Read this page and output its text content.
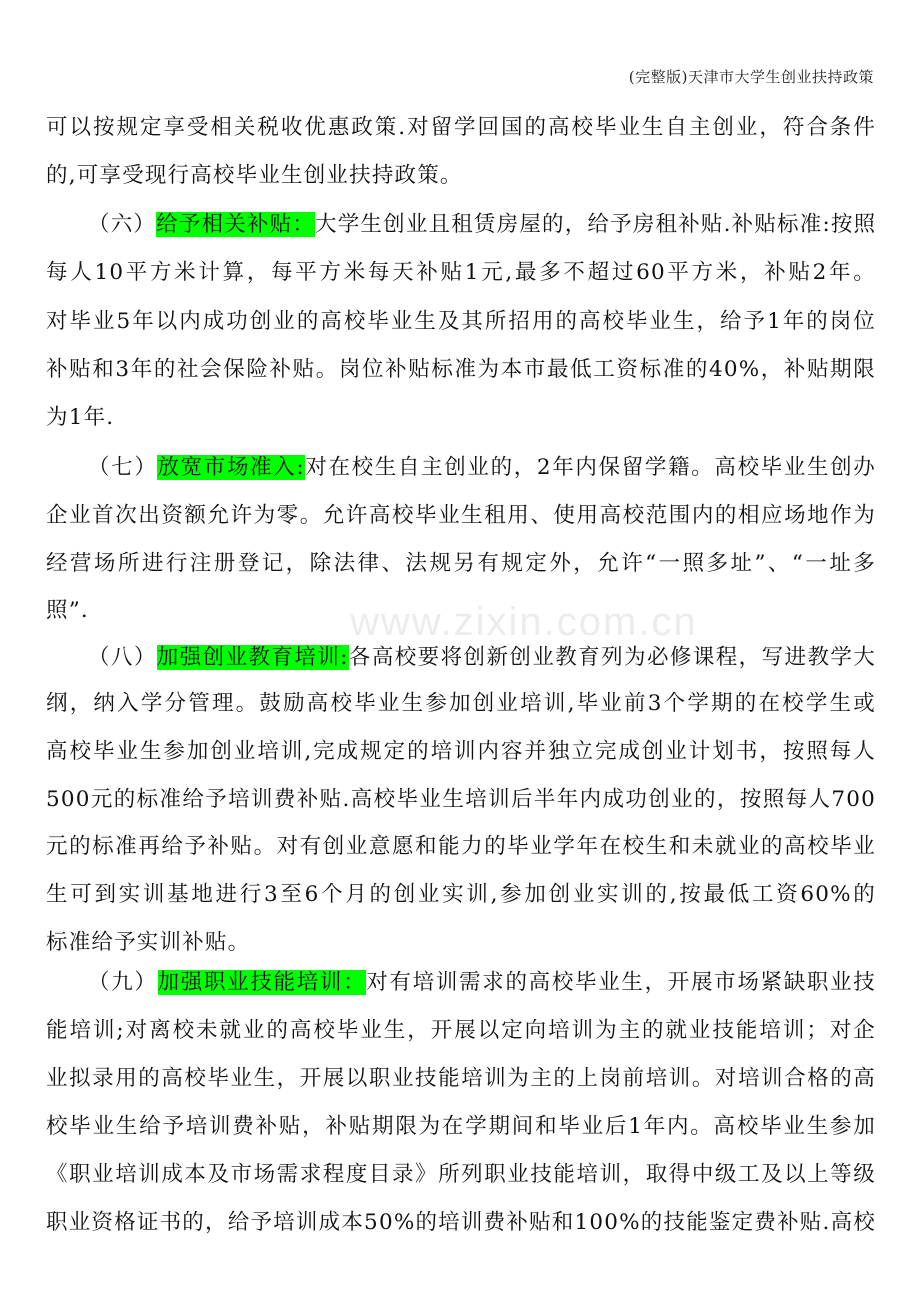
(完整版)天津市大学生创业扶持政策
www.zixin.com.cn
可以按规定享受相关税收优惠政策.对留学回国的高校毕业生自主创业，符合条件
的,可享受现行高校毕业生创业扶持政策。
（六）给予相关补贴：大学生创业且租赁房屋的，给予房租补贴.补贴标准:按照
每人10平方米计算，每平方米每天补贴1元,最多不超过60平方米，补贴2年。
对毕业5年以内成功创业的高校毕业生及其所招用的高校毕业生，给予1年的岗位
补贴和3年的社会保险补贴。岗位补贴标准为本市最低工资标准的40%，补贴期限
为1年.
（七）放宽市场准入:对在校生自主创业的，2年内保留学籍。高校毕业生创办
企业首次出资额允许为零。允许高校毕业生租用、使用高校范围内的相应场地作为
经营场所进行注册登记，除法律、法规另有规定外，允许“一照多址”、“一址多
照”.
（八）加强创业教育培训:各高校要将创新创业教育列为必修课程，写进教学大
纲，纳入学分管理。鼓励高校毕业生参加创业培训,毕业前3个学期的在校学生或
高校毕业生参加创业培训,完成规定的培训内容并独立完成创业计划书，按照每人
500元的标准给予培训费补贴.高校毕业生培训后半年内成功创业的，按照每人700
元的标准再给予补贴。对有创业意愿和能力的毕业学年在校生和未就业的高校毕业
生可到实训基地进行3至6个月的创业实训,参加创业实训的,按最低工资60%的
标准给予实训补贴。
（九）加强职业技能培训：对有培训需求的高校毕业生，开展市场紧缺职业技
能培训;对离校未就业的高校毕业生，开展以定向培训为主的就业技能培训；对企
业拟录用的高校毕业生，开展以职业技能培训为主的上岗前培训。对培训合格的高
校毕业生给予培训费补贴，补贴期限为在学期间和毕业后1年内。高校毕业生参加
《职业培训成本及市场需求程度目录》所列职业技能培训，取得中级工及以上等级
职业资格证书的，给予培训成本50%的培训费补贴和100%的技能鉴定费补贴.高校
